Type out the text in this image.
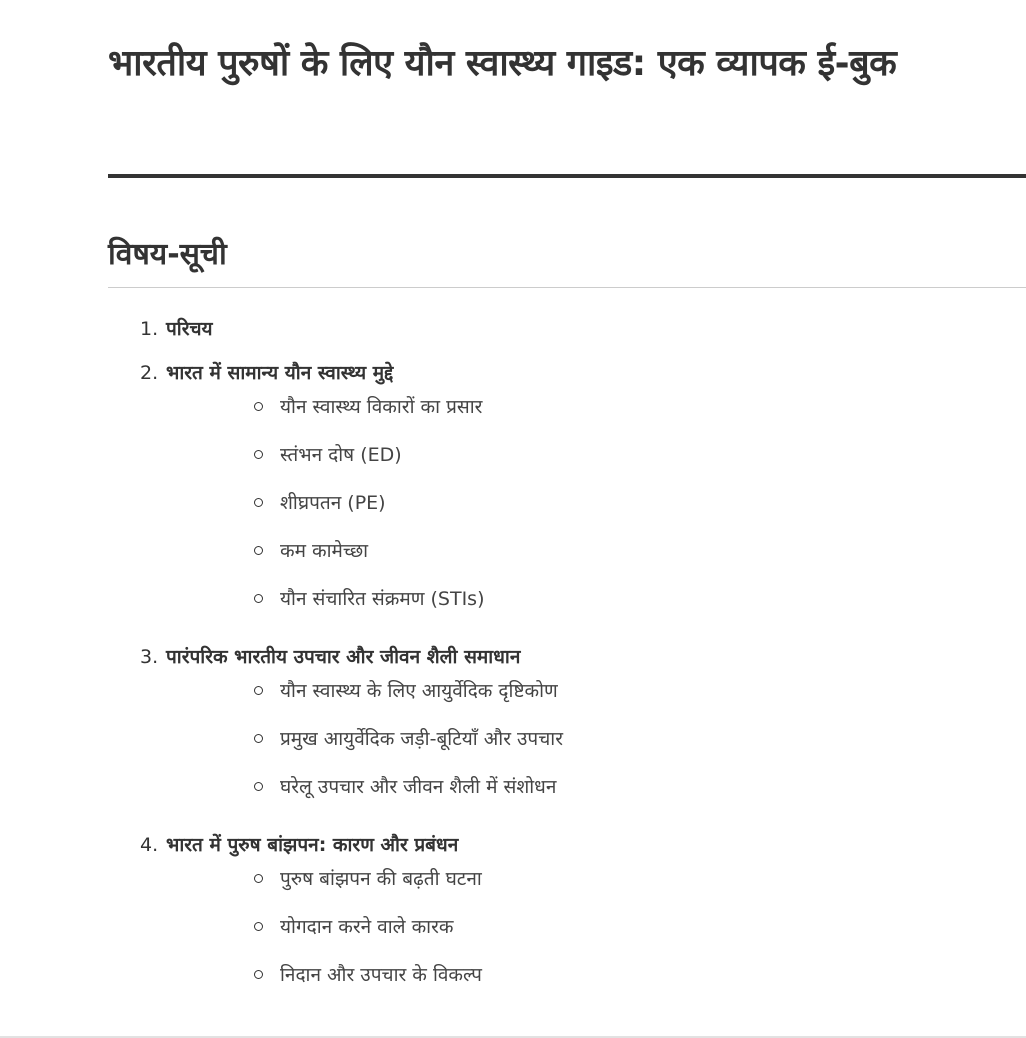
भारतीय पुरुषों के लिए यौन स्वास्थ्य गाइड: एक व्यापक ई-बुक
विषय-सूची
1. परिचय
2. भारत में सामान्य यौन स्वास्थ्य मुद्दे
यौन स्वास्थ्य विकारों का प्रसार
स्तंभन दोष (ED)
शीघ्रपतन (PE)
कम कामेच्छा
यौन संचारित संक्रमण (STIs)
3. पारंपरिक भारतीय उपचार और जीवन शैली समाधान
यौन स्वास्थ्य के लिए आयुर्वेदिक दृष्टिकोण
प्रमुख आयुर्वेदिक जड़ी-बूटियाँ और उपचार
घरेलू उपचार और जीवन शैली में संशोधन
4. भारत में पुरुष बांझपन: कारण और प्रबंधन
पुरुष बांझपन की बढ़ती घटना
योगदान करने वाले कारक
निदान और उपचार के विकल्प
